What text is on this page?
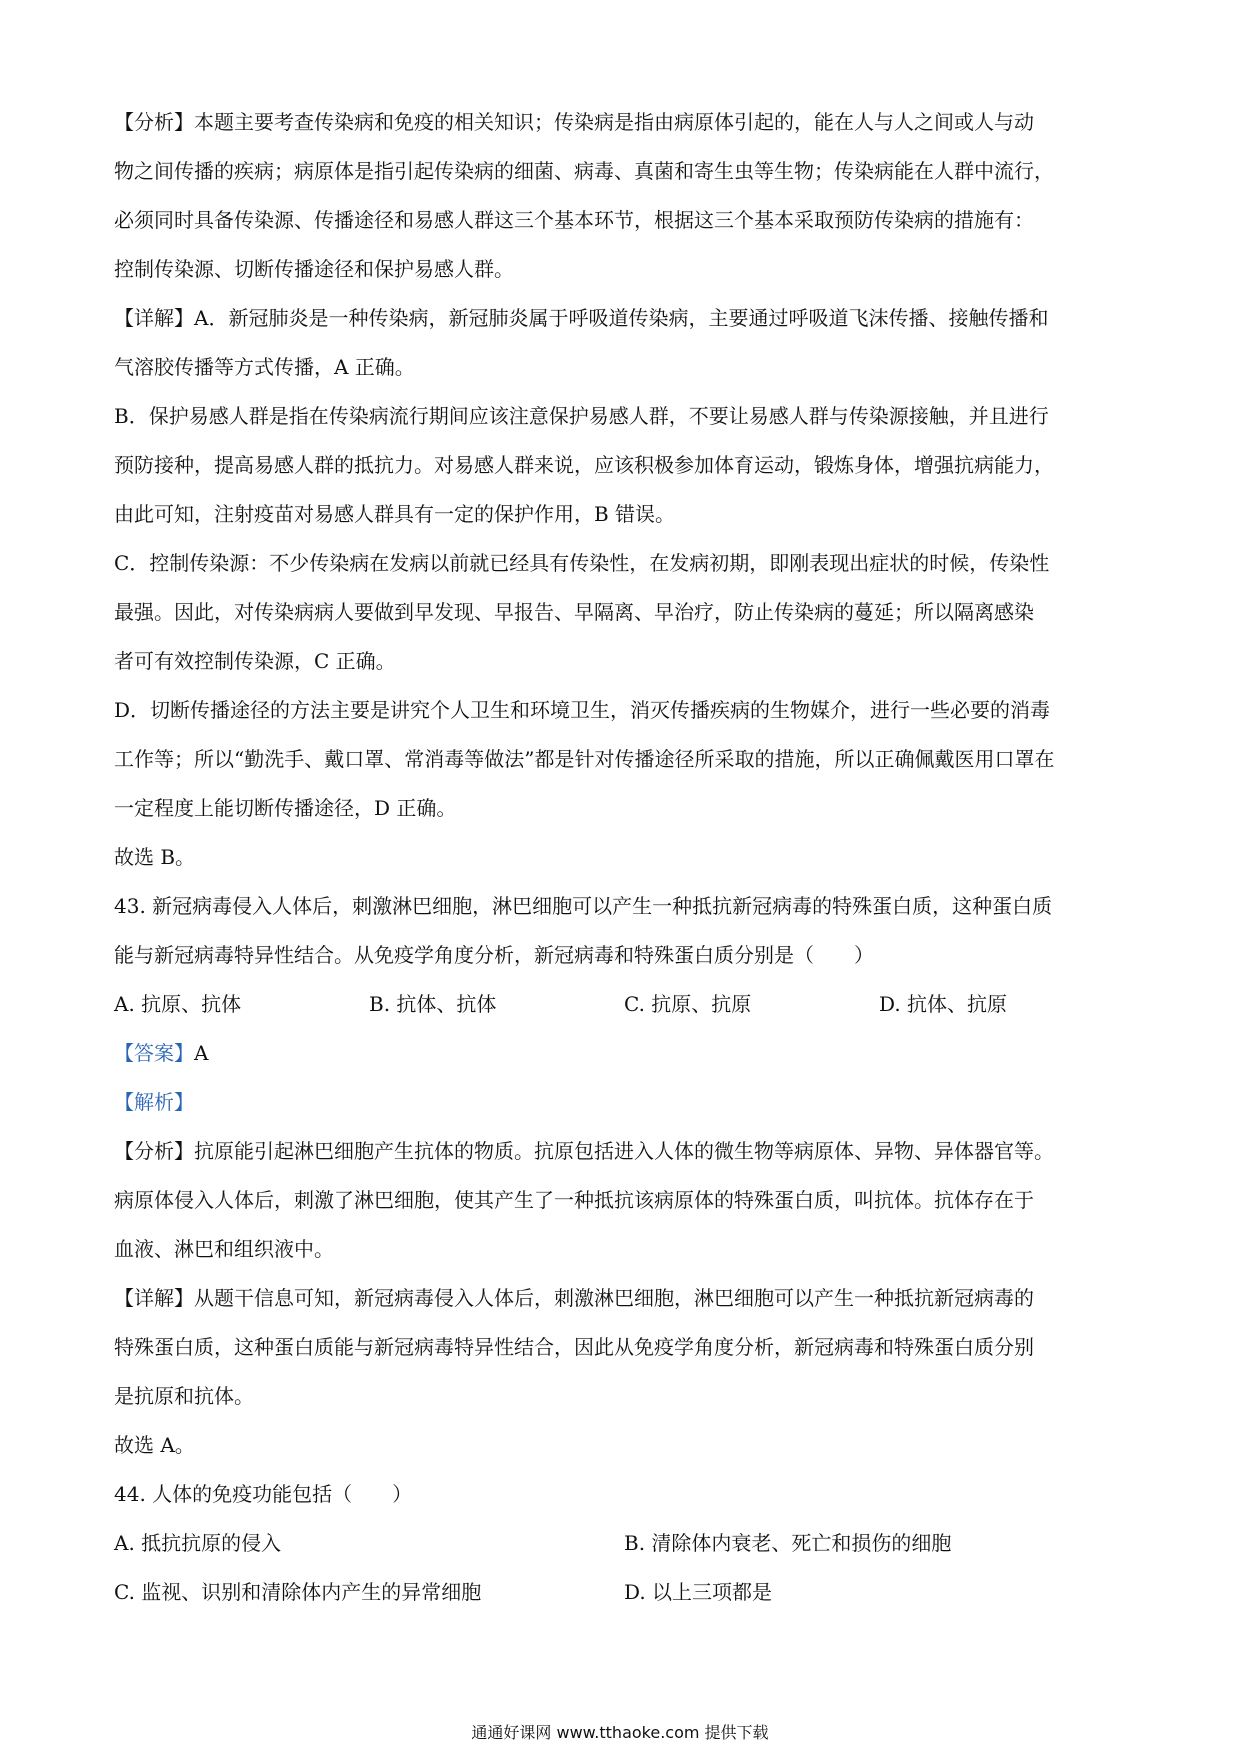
【分析】本题主要考查传染病和免疫的相关知识；传染病是指由病原体引起的，能在人与人之间或人与动
物之间传播的疾病；病原体是指引起传染病的细菌、病毒、真菌和寄生虫等生物；传染病能在人群中流行，
必须同时具备传染源、传播途径和易感人群这三个基本环节，根据这三个基本采取预防传染病的措施有：
控制传染源、切断传播途径和保护易感人群。
【详解】A．新冠肺炎是一种传染病，新冠肺炎属于呼吸道传染病，主要通过呼吸道飞沫传播、接触传播和
气溶胶传播等方式传播，A 正确。
B．保护易感人群是指在传染病流行期间应该注意保护易感人群，不要让易感人群与传染源接触，并且进行
预防接种，提高易感人群的抵抗力。对易感人群来说，应该积极参加体育运动，锻炼身体，增强抗病能力，
由此可知，注射疫苗对易感人群具有一定的保护作用，B 错误。
C．控制传染源：不少传染病在发病以前就已经具有传染性，在发病初期，即刚表现出症状的时候，传染性
最强。因此，对传染病病人要做到早发现、早报告、早隔离、早治疗，防止传染病的蔓延；所以隔离感染
者可有效控制传染源，C 正确。
D．切断传播途径的方法主要是讲究个人卫生和环境卫生，消灭传播疾病的生物媒介，进行一些必要的消毒
工作等；所以“勤洗手、戴口罩、常消毒等做法”都是针对传播途径所采取的措施，所以正确佩戴医用口罩在
一定程度上能切断传播途径，D 正确。
故选 B。
43. 新冠病毒侵入人体后，刺激淋巴细胞，淋巴细胞可以产生一种抵抗新冠病毒的特殊蛋白质，这种蛋白质
能与新冠病毒特异性结合。从免疫学角度分析，新冠病毒和特殊蛋白质分别是（　　）
A. 抗原、抗体	B. 抗体、抗体	C. 抗原、抗原	D. 抗体、抗原
【答案】A
【解析】
【分析】抗原能引起淋巴细胞产生抗体的物质。抗原包括进入人体的微生物等病原体、异物、异体器官等。
病原体侵入人体后，刺激了淋巴细胞，使其产生了一种抵抗该病原体的特殊蛋白质，叫抗体。抗体存在于
血液、淋巴和组织液中。
【详解】从题干信息可知，新冠病毒侵入人体后，刺激淋巴细胞，淋巴细胞可以产生一种抵抗新冠病毒的
特殊蛋白质，这种蛋白质能与新冠病毒特异性结合，因此从免疫学角度分析，新冠病毒和特殊蛋白质分别
是抗原和抗体。
故选 A。
44. 人体的免疫功能包括（　　）
A. 抵抗抗原的侵入	B. 清除体内衰老、死亡和损伤的细胞
C. 监视、识别和清除体内产生的异常细胞	D. 以上三项都是
通通好课网 www.tthaoke.com 提供下载
